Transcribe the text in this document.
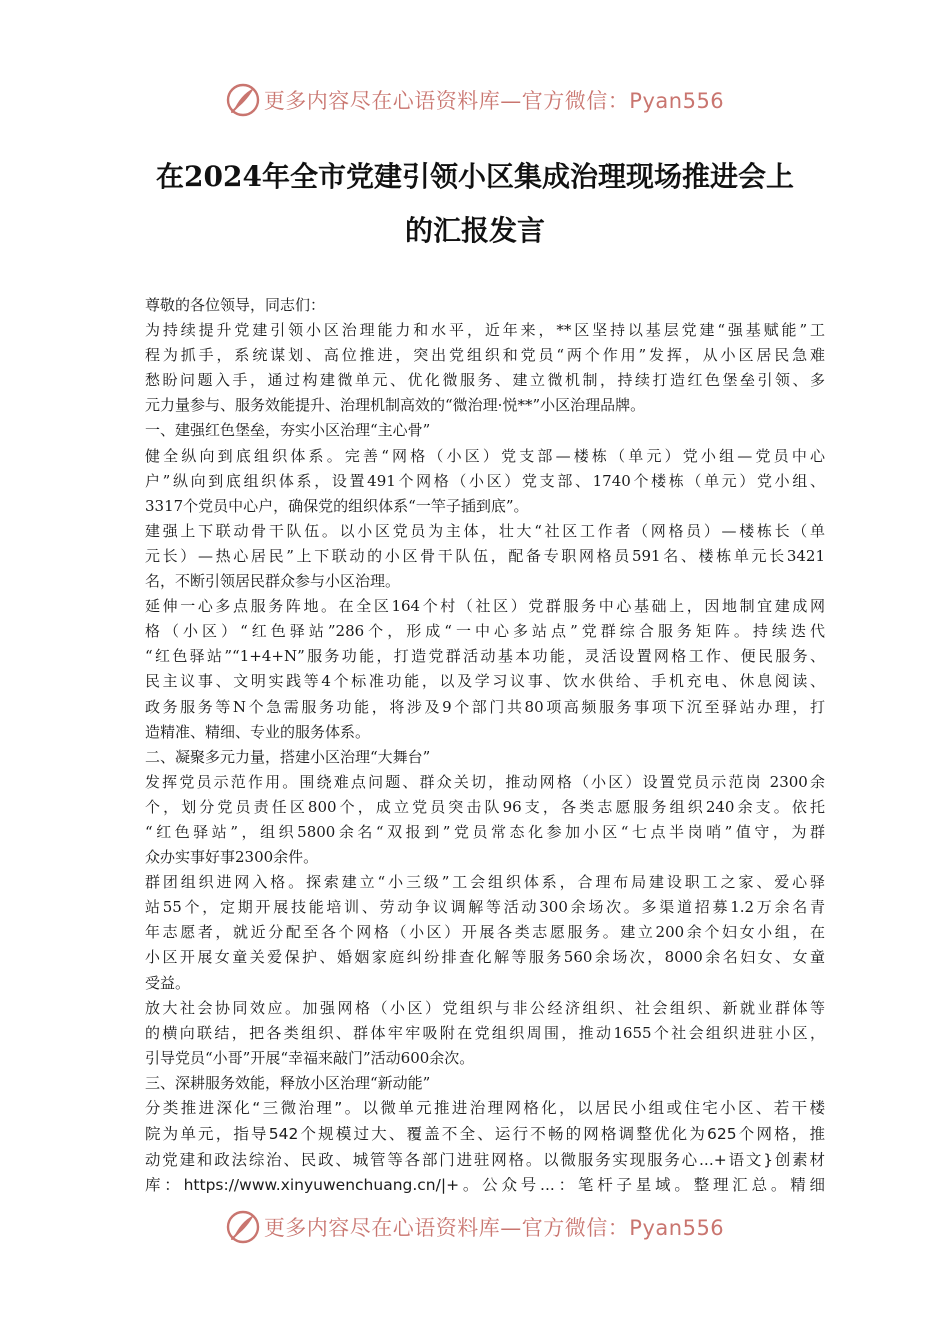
更多内容尽在心语资料库—官方微信：Pyan556
在2024年全市党建引领小区集成治理现场推进会上
的汇报发言
尊敬的各位领导，同志们：
为持续提升党建引领小区治理能力和水平，近年来，**区坚持以基层党建“强基赋能”工
程为抓手，系统谋划、高位推进，突出党组织和党员“两个作用”发挥，从小区居民急难
愁盼问题入手，通过构建微单元、优化微服务、建立微机制，持续打造红色堡垒引领、多
元力量参与、服务效能提升、治理机制高效的“微治理·悦**”小区治理品牌。
一、建强红色堡垒，夯实小区治理“主心骨”
健全纵向到底组织体系。完善“网格（小区）党支部—楼栋（单元）党小组—党员中心
户”纵向到底组织体系，设置491个网格（小区）党支部、1740个楼栋（单元）党小组、
3317个党员中心户，确保党的组织体系“一竿子插到底”。
建强上下联动骨干队伍。以小区党员为主体，壮大“社区工作者（网格员）—楼栋长（单
元长）—热心居民”上下联动的小区骨干队伍，配备专职网格员591名、楼栋单元长3421
名，不断引领居民群众参与小区治理。
延伸一心多点服务阵地。在全区164个村（社区）党群服务中心基础上，因地制宜建成网
格（小区）“红色驿站”286个，形成“一中心多站点”党群综合服务矩阵。持续迭代
“红色驿站”“1+4+N”服务功能，打造党群活动基本功能，灵活设置网格工作、便民服务、
民主议事、文明实践等4个标准功能，以及学习议事、饮水供给、手机充电、休息阅读、
政务服务等N个急需服务功能，将涉及9个部门共80项高频服务事项下沉至驿站办理，打
造精准、精细、专业的服务体系。
二、凝聚多元力量，搭建小区治理“大舞台”
发挥党员示范作用。围绕难点问题、群众关切，推动网格（小区）设置党员示范岗 2300余
个，划分党员责任区800个，成立党员突击队96支，各类志愿服务组织240余支。依托
“红色驿站”，组织5800余名“双报到”党员常态化参加小区“七点半岗哨”值守，为群
众办实事好事2300余件。
群团组织进网入格。探索建立“小三级”工会组织体系，合理布局建设职工之家、爱心驿
站55个，定期开展技能培训、劳动争议调解等活动300余场次。多渠道招募1.2万余名青
年志愿者，就近分配至各个网格（小区）开展各类志愿服务。建立200余个妇女小组，在
小区开展女童关爱保护、婚姻家庭纠纷排查化解等服务560余场次，8000余名妇女、女童
受益。
放大社会协同效应。加强网格（小区）党组织与非公经济组织、社会组织、新就业群体等
的横向联结，把各类组织、群体牢牢吸附在党组织周围，推动1655个社会组织进驻小区，
引导党员“小哥”开展“幸福来敲门”活动600余次。
三、深耕服务效能，释放小区治理“新动能”
分类推进深化“三微治理”。以微单元推进治理网格化，以居民小组或住宅小区、若干楼
院为单元，指导542个规模过大、覆盖不全、运行不畅的网格调整优化为625个网格，推
动党建和政法综治、民政、城管等各部门进驻网格。以微服务实现服务心...+语文}创素材
库：https://www.xinyuwenchuang.cn/|+。公众号...：笔杆子星域。整理汇总。精细
更多内容尽在心语资料库—官方微信：Pyan556
